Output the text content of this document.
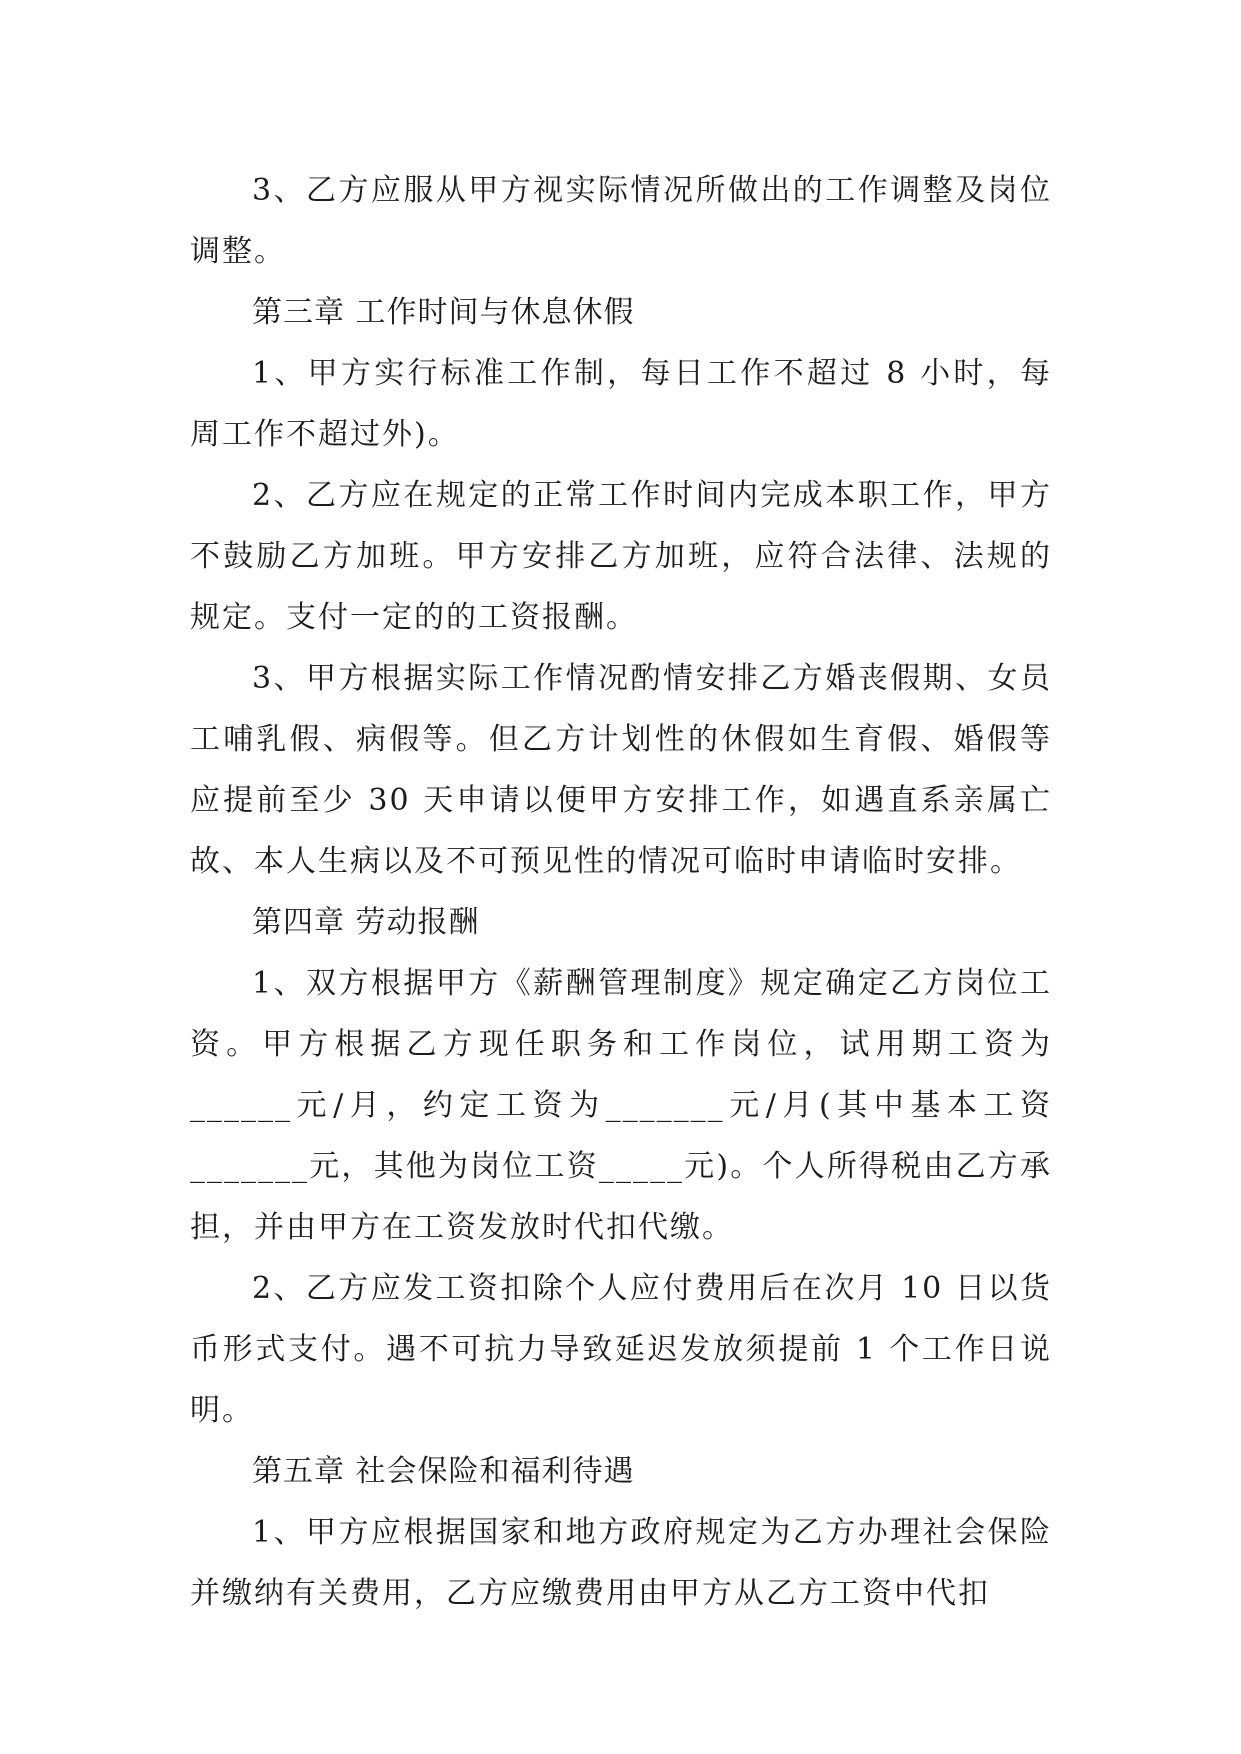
3、乙方应服从甲方视实际情况所做出的工作调整及岗位调整。

第三章 工作时间与休息休假

1、甲方实行标准工作制，每日工作不超过 8 小时，每周工作不超过外)。

2、乙方应在规定的正常工作时间内完成本职工作，甲方不鼓励乙方加班。甲方安排乙方加班，应符合法律、法规的规定。支付一定的的工资报酬。

3、甲方根据实际工作情况酌情安排乙方婚丧假期、女员工哺乳假、病假等。但乙方计划性的休假如生育假、婚假等应提前至少 30 天申请以便甲方安排工作，如遇直系亲属亡故、本人生病以及不可预见性的情况可临时申请临时安排。

第四章 劳动报酬

1、双方根据甲方《薪酬管理制度》规定确定乙方岗位工资。甲方根据乙方现任职务和工作岗位，试用期工资为______元/月，约定工资为_______元/月(其中基本工资_______元，其他为岗位工资_____元)。个人所得税由乙方承担，并由甲方在工资发放时代扣代缴。

2、乙方应发工资扣除个人应付费用后在次月 10 日以货币形式支付。遇不可抗力导致延迟发放须提前 1 个工作日说明。

第五章 社会保险和福利待遇

1、甲方应根据国家和地方政府规定为乙方办理社会保险并缴纳有关费用，乙方应缴费用由甲方从乙方工资中代扣
